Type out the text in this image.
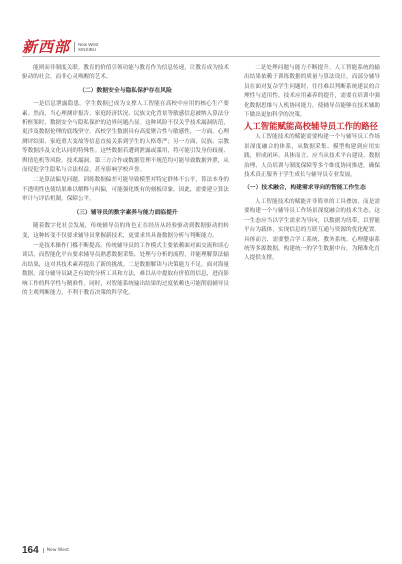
新西部 New West
XINXIBU

能则而非制度关联。教育的价值引领功能与教育作为信息传递，让教育成为技术驱动的社会，而非心灵唤醒的艺术。

（二）数据安全与隐私保护存在风险

一是信息泄露隐患。学生数据已成为支撑人工智能在高校中应用的核心生产要素。然而，当心理测评报告、家庭经济状况、民族文化背景等敏感信息被纳入算法分析框架时，数据安全与隐私保护的边界问题凸显。这种风险不仅关乎技术漏洞防范，更涉及数据伦理的底线坚守。高校学生数据具有高度聚合性与敏感性，一方面，心理测评结果、家庭重大变故等信息直接关系到学生的人格尊严；另一方面，民族、宗教等数据涉及文化认同的特殊性。这些数据若遭到泄露或滥用，将可能引发身份歧视、舆情危机等风险。技术漏洞、第三方合作或数据管理不规范均可能导致数据外泄，从而侵犯学生隐私与合法权益，甚至影响学校声誉。

二是算法偏见问题。训练数据偏差可能导致模型对特定群体不公平，算法本身的不透明性也使结果难以解释与纠偏，可能强化既有的刻板印象。因此，需要建立算法审计与评估机制，保障公平。

（三）辅导员的数字素养与能力面临提升

随着数字化社会发展，传统辅导员的角色正在经历从经验驱动到数据驱动的转变，这种转变不仅要求辅导员掌握新技术，更要求其具备数据分析与判断能力。

一是技术操作门槛不断提高。传统辅导员的工作模式主要依赖面对面交流和谈心谈话，而智能化平台要求辅导员熟悉数据采集、处理与分析的流程，并能理解算法输出结果，这对其技术素养提出了新的挑战。二是数据解读与决策能力不足。面对海量数据，部分辅导员缺乏有效的分析工具和方法，难以从中提取有价值的信息，进而影响工作的科学性与精准性。同时，对智能系统输出结果的过度依赖也可能削弱辅导员的主观判断能力，不利于教育决策的科学化。

二是处理问题与能力不断提升。人工智能系统的输出结果依赖于训练数据的质量与算法设计，而部分辅导员在面对复杂学生问题时，往往难以判断系统建议的合理性与适用性。技术应用素养的提升，需要在培训中强化数据思维与人机协同能力，使辅导员能够在技术辅助下做出更加科学的决策。

人工智能赋能高校辅导员工作的路径

人工智能技术的赋能需要构建一个与辅导员工作场景深度融合的体系，从数据采集、模型构建到应用实践，形成闭环。具体而言，应当从技术平台建设、数据治理、人员培训与制度保障等多个维度协同推进，确保技术真正服务于学生成长与辅导员专业发展。

（一）技术融合，构建需求导向的智能工作生态

人工智能技术的赋能并非简单的工具叠加，而是需要构建一个与辅导员工作场景深度融合的技术生态。这一生态应当以学生需求为导向，以数据为纽带，以智能平台为载体，实现信息的互联互通与资源的优化配置。具体而言，需要整合学工系统、教务系统、心理健康系统等多源数据，构建统一的学生数据中台，为精准化育人提供支撑。

164	New West
